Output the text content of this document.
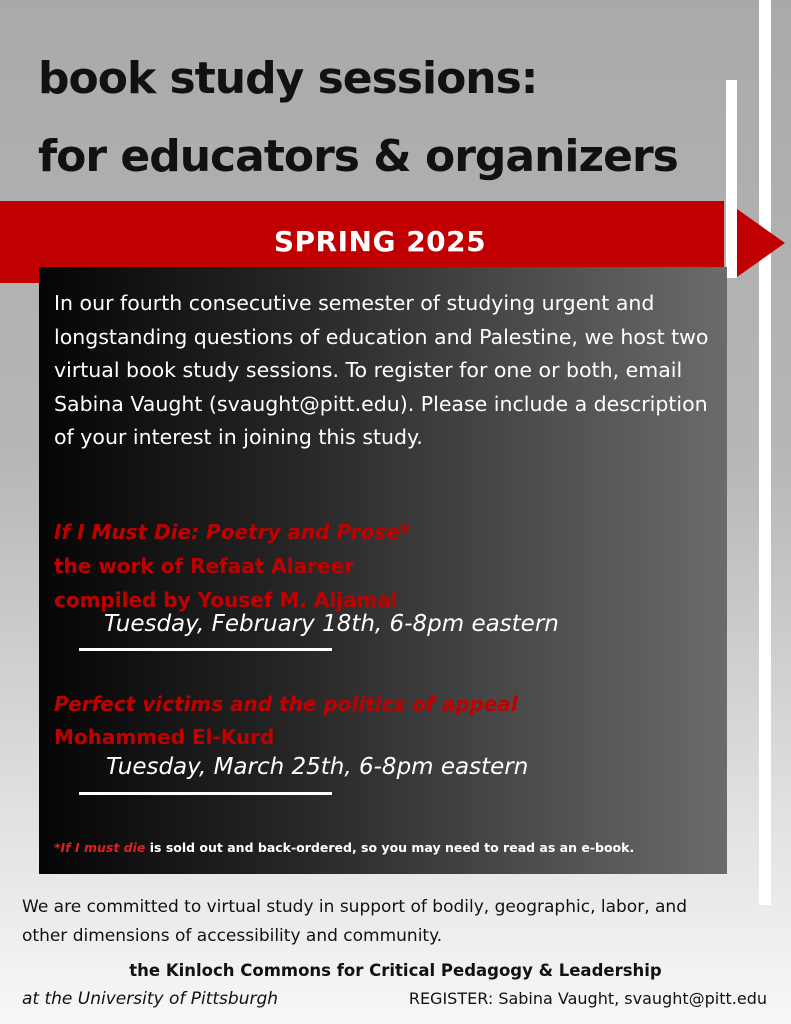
book study sessions:
for educators & organizers
SPRING 2025

In our fourth consecutive semester of studying urgent and longstanding questions of education and Palestine, we host two virtual book study sessions. To register for one or both, email Sabina Vaught (svaught@pitt.edu). Please include a description of your interest in joining this study.

If I Must Die: Poetry and Prose*
the work of Refaat Alareer
compiled by Yousef M. Aljamal
Tuesday, February 18th, 6-8pm eastern
Perfect victims and the politics of appeal
Mohammed El-Kurd
Tuesday, March 25th, 6-8pm eastern
*If I must die is sold out and back-ordered, so you may need to read as an e-book.

We are committed to virtual study in support of bodily, geographic, labor, and other dimensions of accessibility and community.

the Kinloch Commons for Critical Pedagogy & Leadership
at the University of Pittsburgh	REGISTER: Sabina Vaught, svaught@pitt.edu
